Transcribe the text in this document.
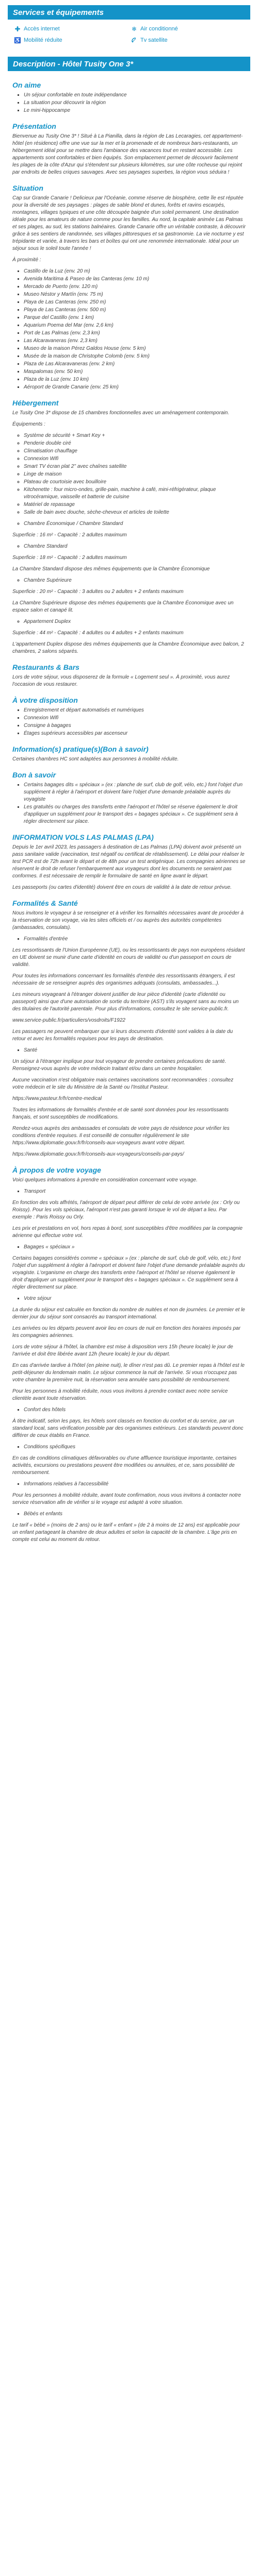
Services et équipements
Accès internet	✻ Air conditionné
♿ Mobilité réduite	Tv satellite
Description - Hôtel Tusity One 3*
On aime
▪ Un séjour confortable en toute indépendance
▪ La situation pour découvrir la région
▪ Le mini-hippocampe
Présentation

Bienvenue au Tusity One 3* ! Situé à La Pianilla, dans la région de Las Lecaragies, cet appartement-hôtel (en résidence) offre une vue sur la mer et la promenade et de nombreux bars-restaurants, un hébergement idéal pour se mettre dans l'ambiance des vacances tout en restant accessible. Les appartements sont confortables et bien équipés. Son emplacement permet de découvrir facilement les plages de la côte d'Azur qui s'étendent sur plusieurs kilomètres, sur une côte rocheuse qui rejoint par endroits de belles criques sauvages. Avec ses paysages superbes, la région vous séduira !

Situation

Cap sur Grande Canarie ! Delicieux par l'Océanie, comme réserve de biosphère, cette île est réputée pour la diversité de ses paysages : plages de sable blond et dunes, forêts et ravins escarpés, montagnes, villages typiques et une côte découpée baignée d'un soleil permanent. Une destination idéale pour les amateurs de nature comme pour les familles. Au nord, la capitale animée Las Palmas et ses plages, au sud, les stations balnéaires. Grande Canarie offre un véritable contraste, à découvrir grâce à ses sentiers de randonnée, ses villages pittoresques et sa gastronomie. La vie nocturne y est trépidante et variée, à travers les bars et boîtes qui ont une renommée internationale. Idéal pour un séjour sous le soleil toute l'année !

À proximité :

▪ Castillo de la Luz (env. 20 m)
▪ Avenida Maritima & Paseo de las Canteras (env. 10 m)
▪ Mercado de Puerto (env. 120 m)
▪ Museo Néstor y Martín (env. 75 m)
▪ Playa de Las Canteras (env. 250 m)
▪ Playa de Las Canteras (env. 500 m)
▪ Parque del Castillo (env. 1 km)
▪ Aquarium Poema del Mar (env. 2,6 km)
▪ Port de Las Palmas (env. 2,3 km)
▪ Las Alcaravaneras (env. 2,3 km)
▪ Museo de la maison Pérez Galdos House (env. 5 km)
▪ Musée de la maison de Christophe Colomb (env. 5 km)
▪ Plaza de Las Alcaravaneras (env. 2 km)
▪ Maspalomas (env. 50 km)
▪ Plaza de la Luz (env. 10 km)
▪ Aéroport de Grande Canarie (env. 25 km)
Hébergement

Le Tusity One 3* dispose de 15 chambres fonctionnelles avec un aménagement contemporain.

Équipements :

◦ Système de sécurité + Smart Key +
◦ Penderie double ciré
◦ Climatisation chauffage
◦ Connexion Wifi
◦ Smart TV écran plat 2'' avec chaînes satellite
◦ Linge de maison
◦ Plateau de courtoisie avec bouilloire
◦ Kitchenette : four micro-ondes, grille-pain, machine à café, mini-réfrigérateur, plaque vitrocéramique, vaisselle et batterie de cuisine
◦ Matériel de repassage
◦ Salle de bain avec douche, sèche-cheveux et articles de toilette
◦ Chambre Économique / Chambre Standard

Superficie : 16 m² - Capacité : 2 adultes maximum

◦ Chambre Standard

Superficie : 18 m² - Capacité : 2 adultes maximum

La Chambre Standard dispose des mêmes équipements que la Chambre Économique

◦ Chambre Supérieure

Superficie : 20 m² - Capacité : 3 adultes ou 2 adultes + 2 enfants maximum

La Chambre Supérieure dispose des mêmes équipements que la Chambre Économique avec un espace salon et canapé lit.

◦ Appartement Duplex

Superficie : 44 m² - Capacité : 4 adultes ou 4 adultes + 2 enfants maximum

L'appartement Duplex dispose des mêmes équipements que la Chambre Économique avec balcon, 2 chambres, 2 salons séparés.

Restaurants & Bars

Lors de votre séjour, vous disposerez de la formule « Logement seul ». À proximité, vous aurez l'occasion de vous restaurer.

À votre disposition
▪ Enregistrement et départ automatisés et numériques
▪ Connexion Wifi
▪ Consigne à bagages
▪ Étages supérieurs accessibles par ascenseur
Information(s) pratique(s)(Bon à savoir)

Certaines chambres HC sont adaptées aux personnes à mobilité réduite.

Bon à savoir
▪ Certains bagages dits « spéciaux » (ex : planche de surf, club de golf, vélo, etc.) font l'objet d'un supplément à régler à l'aéroport et doivent faire l'objet d'une demande préalable auprès du voyagiste
▪ Les gratuités ou charges des transferts entre l'aéroport et l'hôtel se réserve également le droit d'appliquer un supplément pour le transport des « bagages spéciaux ». Ce supplément sera à régler directement sur place.
INFORMATION VOLS LAS PALMAS (LPA)

Depuis le 1er avril 2023, les passagers à destination de Las Palmas (LPA) doivent avoir présenté un pass sanitaire valide (vaccination, test négatif ou certificat de rétablissement). Le délai pour réaliser le test PCR est de 72h avant le départ et de 48h pour un test antigénique. Les compagnies aériennes se réservent le droit de refuser l'embarquement aux voyageurs dont les documents ne seraient pas conformes. Il est nécessaire de remplir le formulaire de santé en ligne avant le départ.

Les passeports (ou cartes d'identité) doivent être en cours de validité à la date de retour prévue.

Formalités & Santé

Nous invitons le voyageur à se renseigner et à vérifier les formalités nécessaires avant de procéder à la réservation de son voyage, via les sites officiels et / ou auprès des autorités compétentes (ambassades, consulats).

▪ Formalités d'entrée

Les ressortissants de l'Union Européenne (UE), ou les ressortissants de pays non européens résidant en UE doivent se munir d'une carte d'identité en cours de validité ou d'un passeport en cours de validité.

Pour toutes les informations concernant les formalités d'entrée des ressortissants étrangers, il est nécessaire de se renseigner auprès des organismes adéquats (consulats, ambassades...).

Les mineurs voyageant à l'étranger doivent justifier de leur pièce d'identité (carte d'identité ou passeport) ainsi que d'une autorisation de sortie du territoire (AST) s'ils voyagent sans au moins un des titulaires de l'autorité parentale. Pour plus d'informations, consultez le site service-public.fr.

www.service-public.fr/particuliers/vosdroits/F1922

Les passagers ne peuvent embarquer que si leurs documents d'identité sont valides à la date du retour et avec les formalités requises pour les pays de destination.

▪ Santé

Un séjour à l'étranger implique pour tout voyageur de prendre certaines précautions de santé. Renseignez-vous auprès de votre médecin traitant et/ou dans un centre hospitalier.

Aucune vaccination n'est obligatoire mais certaines vaccinations sont recommandées : consultez votre médecin et le site du Ministère de la Santé ou l'Institut Pasteur.

https://www.pasteur.fr/fr/centre-medical

Toutes les informations de formalités d'entrée et de santé sont données pour les ressortissants français, et sont susceptibles de modifications.

Rendez-vous auprès des ambassades et consulats de votre pays de résidence pour vérifier les conditions d'entrée requises. Il est conseillé de consulter régulièrement le site https://www.diplomatie.gouv.fr/fr/conseils-aux-voyageurs avant votre départ.

https://www.diplomatie.gouv.fr/fr/conseils-aux-voyageurs/conseils-par-pays/

À propos de votre voyage

Voici quelques informations à prendre en considération concernant votre voyage.

▪ Transport

En fonction des vols affrétés, l'aéroport de départ peut différer de celui de votre arrivée (ex : Orly ou Roissy). Pour les vols spéciaux, l'aéroport n'est pas garanti lorsque le vol de départ a lieu. Par exemple : Paris Roissy ou Orly.

Les prix et prestations en vol, hors repas à bord, sont susceptibles d'être modifiées par la compagnie aérienne qui effectue votre vol.

▪ Bagages « spéciaux »

Certains bagages considérés comme « spéciaux » (ex : planche de surf, club de golf, vélo, etc.) font l'objet d'un supplément à régler à l'aéroport et doivent faire l'objet d'une demande préalable auprès du voyagiste. L'organisme en charge des transferts entre l'aéroport et l'hôtel se réserve également le droit d'appliquer un supplément pour le transport des « bagages spéciaux ». Ce supplément sera à régler directement sur place.

▪ Votre séjour

La durée du séjour est calculée en fonction du nombre de nuitées et non de journées. Le premier et le dernier jour du séjour sont consacrés au transport international.

Les arrivées ou les départs peuvent avoir lieu en cours de nuit en fonction des horaires imposés par les compagnies aériennes.

Lors de votre séjour à l'hôtel, la chambre est mise à disposition vers 15h (heure locale) le jour de l'arrivée et doit être libérée avant 12h (heure locale) le jour du départ.

En cas d'arrivée tardive à l'hôtel (en pleine nuit), le dîner n'est pas dû. Le premier repas à l'hôtel est le petit-déjeuner du lendemain matin. Le séjour commence la nuit de l'arrivée. Si vous n'occupez pas votre chambre la première nuit, la réservation sera annulée sans possibilité de remboursement.

Pour les personnes à mobilité réduite, nous vous invitons à prendre contact avec notre service clientèle avant toute réservation.

▪ Confort des hôtels

À titre indicatif, selon les pays, les hôtels sont classés en fonction du confort et du service, par un standard local, sans vérification possible par des organismes extérieurs. Les standards peuvent donc différer de ceux établis en France.

▪ Conditions spécifiques

En cas de conditions climatiques défavorables ou d'une affluence touristique importante, certaines activités, excursions ou prestations peuvent être modifiées ou annulées, et ce, sans possibilité de remboursement.

▪ Informations relatives à l'accessibilité

Pour les personnes à mobilité réduite, avant toute confirmation, nous vous invitons à contacter notre service réservation afin de vérifier si le voyage est adapté à votre situation.

▪ Bébés et enfants

Le tarif « bébé » (moins de 2 ans) ou le tarif « enfant » (de 2 à moins de 12 ans) est applicable pour un enfant partageant la chambre de deux adultes et selon la capacité de la chambre. L'âge pris en compte est celui au moment du retour.
